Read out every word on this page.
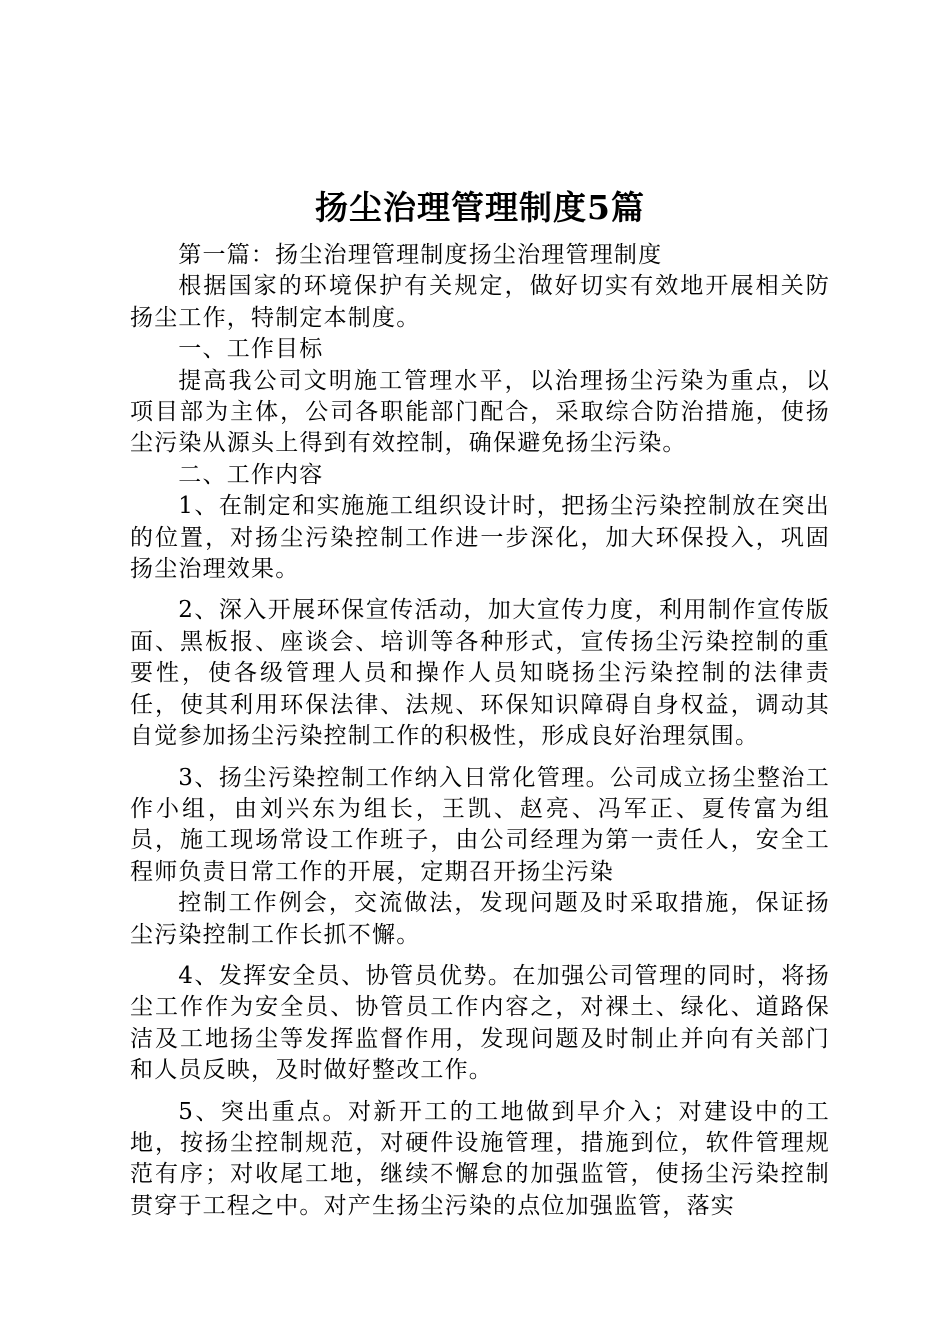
扬尘治理管理制度5篇

第一篇：扬尘治理管理制度扬尘治理管理制度

根据国家的环境保护有关规定，做好切实有效地开展相关防扬尘工作，特制定本制度。

一、工作目标

提高我公司文明施工管理水平，以治理扬尘污染为重点，以项目部为主体，公司各职能部门配合，采取综合防治措施，使扬尘污染从源头上得到有效控制，确保避免扬尘污染。

二、工作内容

1、在制定和实施施工组织设计时，把扬尘污染控制放在突出的位置，对扬尘污染控制工作进一步深化，加大环保投入，巩固扬尘治理效果。

2、深入开展环保宣传活动，加大宣传力度，利用制作宣传版面、黑板报、座谈会、培训等各种形式，宣传扬尘污染控制的重要性，使各级管理人员和操作人员知晓扬尘污染控制的法律责任，使其利用环保法律、法规、环保知识障碍自身权益，调动其自觉参加扬尘污染控制工作的积极性，形成良好治理氛围。

3、扬尘污染控制工作纳入日常化管理。公司成立扬尘整治工作小组，由刘兴东为组长，王凯、赵亮、冯军正、夏传富为组员，施工现场常设工作班子，由公司经理为第一责任人，安全工程师负责日常工作的开展，定期召开扬尘污染

控制工作例会，交流做法，发现问题及时采取措施，保证扬尘污染控制工作长抓不懈。

4、发挥安全员、协管员优势。在加强公司管理的同时，将扬尘工作作为安全员、协管员工作内容之，对裸土、绿化、道路保洁及工地扬尘等发挥监督作用，发现问题及时制止并向有关部门和人员反映，及时做好整改工作。

5、突出重点。对新开工的工地做到早介入；对建设中的工地，按扬尘控制规范，对硬件设施管理，措施到位，软件管理规范有序；对收尾工地，继续不懈怠的加强监管，使扬尘污染控制贯穿于工程之中。对产生扬尘污染的点位加强监管，落实
